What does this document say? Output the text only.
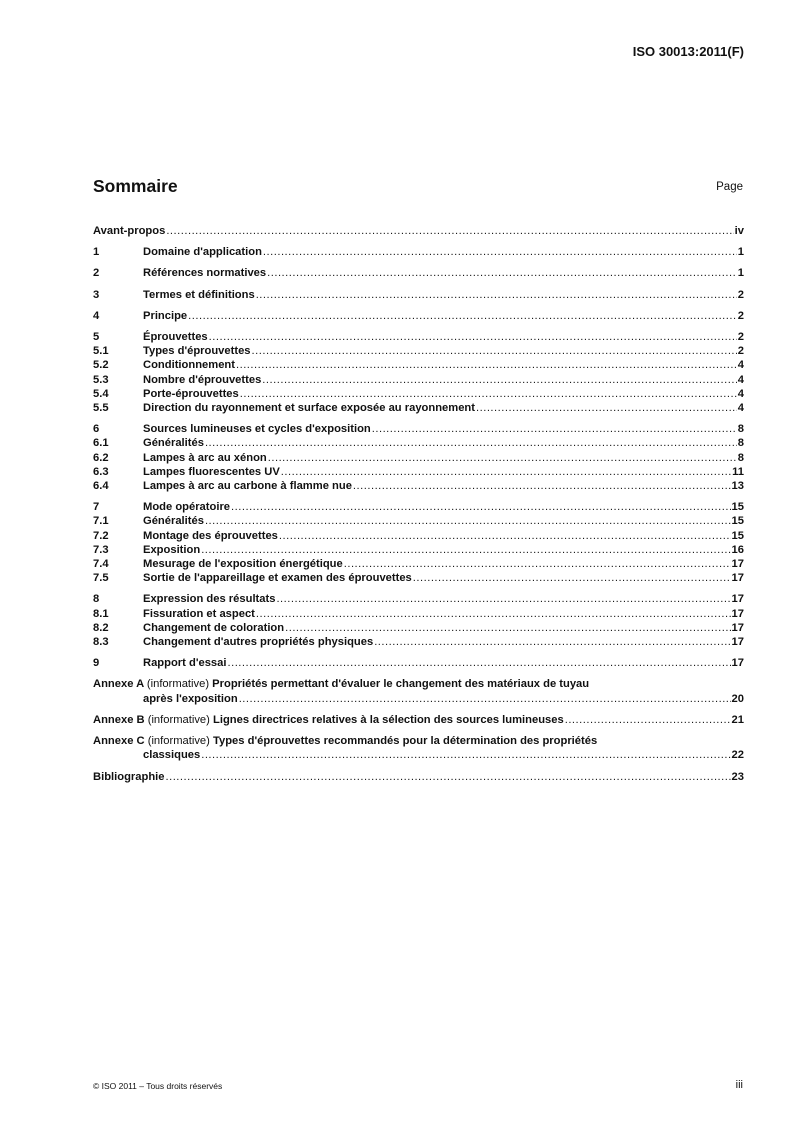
ISO 30013:2011(F)
Sommaire	Page
Avant-propos .....	iv
1	Domaine d'application .....	1
2	Références normatives .....	1
3	Termes et définitions .....	2
4	Principe .....	2
5	Éprouvettes .....	2
5.1	Types d'éprouvettes .....	2
5.2	Conditionnement .....	4
5.3	Nombre d'éprouvettes .....	4
5.4	Porte-éprouvettes .....	4
5.5	Direction du rayonnement et surface exposée au rayonnement .....	4
6	Sources lumineuses et cycles d'exposition .....	8
6.1	Généralités .....	8
6.2	Lampes à arc au xénon .....	8
6.3	Lampes fluorescentes UV .....	11
6.4	Lampes à arc au carbone à flamme nue .....	13
7	Mode opératoire .....	15
7.1	Généralités .....	15
7.2	Montage des éprouvettes .....	15
7.3	Exposition .....	16
7.4	Mesurage de l'exposition énergétique .....	17
7.5	Sortie de l'appareillage et examen des éprouvettes .....	17
8	Expression des résultats .....	17
8.1	Fissuration et aspect .....	17
8.2	Changement de coloration .....	17
8.3	Changement d'autres propriétés physiques .....	17
9	Rapport d'essai .....	17
Annexe A (informative) Propriétés permettant d'évaluer le changement des matériaux de tuyau
après l'exposition .....	20
Annexe B (informative) Lignes directrices relatives à la sélection des sources lumineuses .....	21
Annexe C (informative) Types d'éprouvettes recommandés pour la détermination des propriétés
classiques .....	22
Bibliographie .....	23
© ISO 2011 – Tous droits réservés	iii
